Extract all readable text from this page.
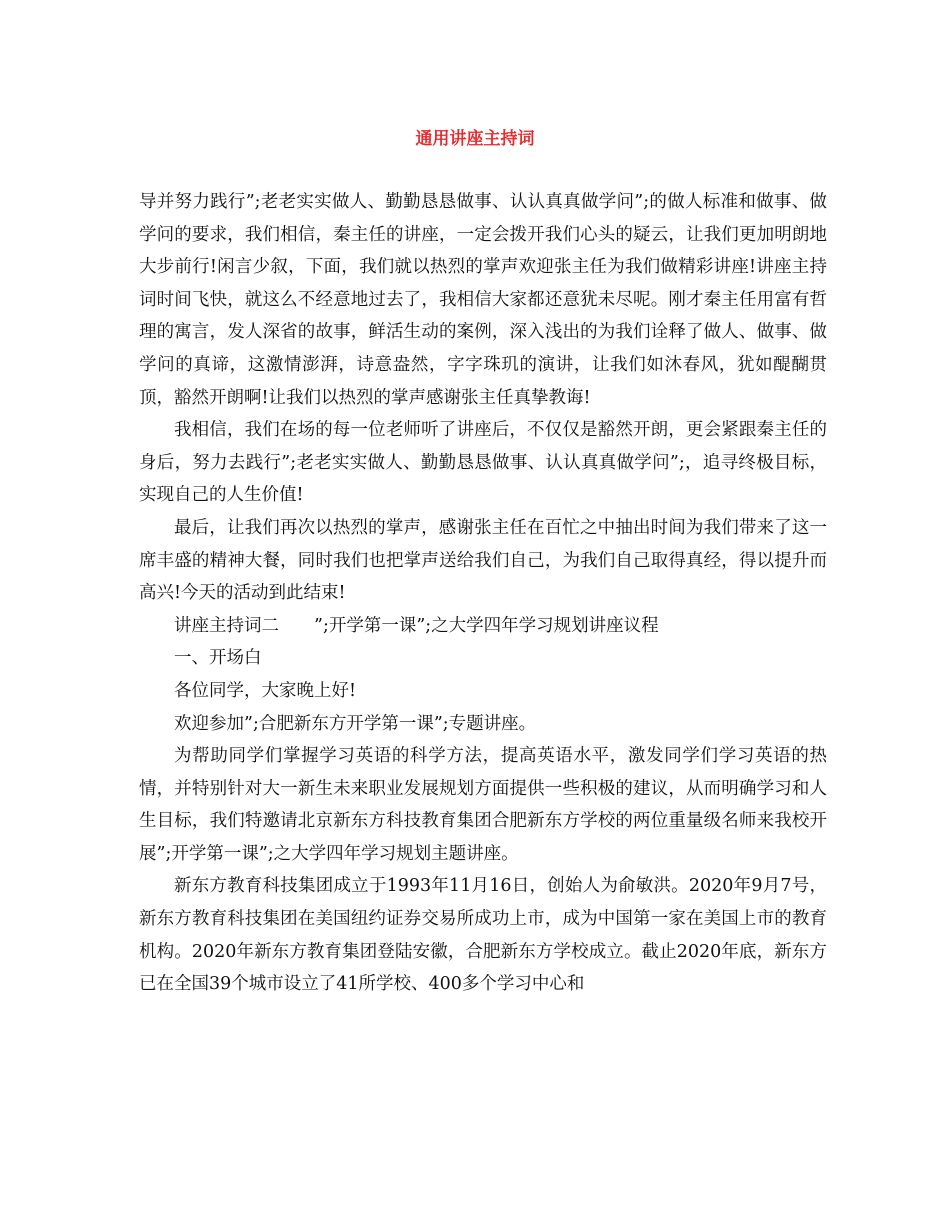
通用讲座主持词

导并努力践行”;老老实实做人、勤勤恳恳做事、认认真真做学问”;的做人标准和做事、做学问的要求，我们相信，秦主任的讲座，一定会拨开我们心头的疑云，让我们更加明朗地大步前行!闲言少叙，下面，我们就以热烈的掌声欢迎张主任为我们做精彩讲座!讲座主持词时间飞快，就这么不经意地过去了，我相信大家都还意犹未尽呢。刚才秦主任用富有哲理的寓言，发人深省的故事，鲜活生动的案例，深入浅出的为我们诠释了做人、做事、做学问的真谛，这激情澎湃，诗意盎然，字字珠玑的演讲，让我们如沐春风，犹如醍醐贯顶，豁然开朗啊!让我们以热烈的掌声感谢张主任真挚教诲!

我相信，我们在场的每一位老师听了讲座后，不仅仅是豁然开朗，更会紧跟秦主任的身后，努力去践行”;老老实实做人、勤勤恳恳做事、认认真真做学问”;，追寻终极目标，实现自己的人生价值!

最后，让我们再次以热烈的掌声，感谢张主任在百忙之中抽出时间为我们带来了这一席丰盛的精神大餐，同时我们也把掌声送给我们自己，为我们自己取得真经，得以提升而高兴!今天的活动到此结束!

讲座主持词二　　”;开学第一课”;之大学四年学习规划讲座议程

一、开场白

各位同学，大家晚上好!

欢迎参加”;合肥新东方开学第一课”;专题讲座。

为帮助同学们掌握学习英语的科学方法，提高英语水平，激发同学们学习英语的热情，并特别针对大一新生未来职业发展规划方面提供一些积极的建议，从而明确学习和人生目标，我们特邀请北京新东方科技教育集团合肥新东方学校的两位重量级名师来我校开展”;开学第一课”;之大学四年学习规划主题讲座。

新东方教育科技集团成立于1993年11月16日，创始人为俞敏洪。2020年9月7号，新东方教育科技集团在美国纽约证券交易所成功上市，成为中国第一家在美国上市的教育机构。2020年新东方教育集团登陆安徽，合肥新东方学校成立。截止2020年底，新东方已在全国39个城市设立了41所学校、400多个学习中心和
